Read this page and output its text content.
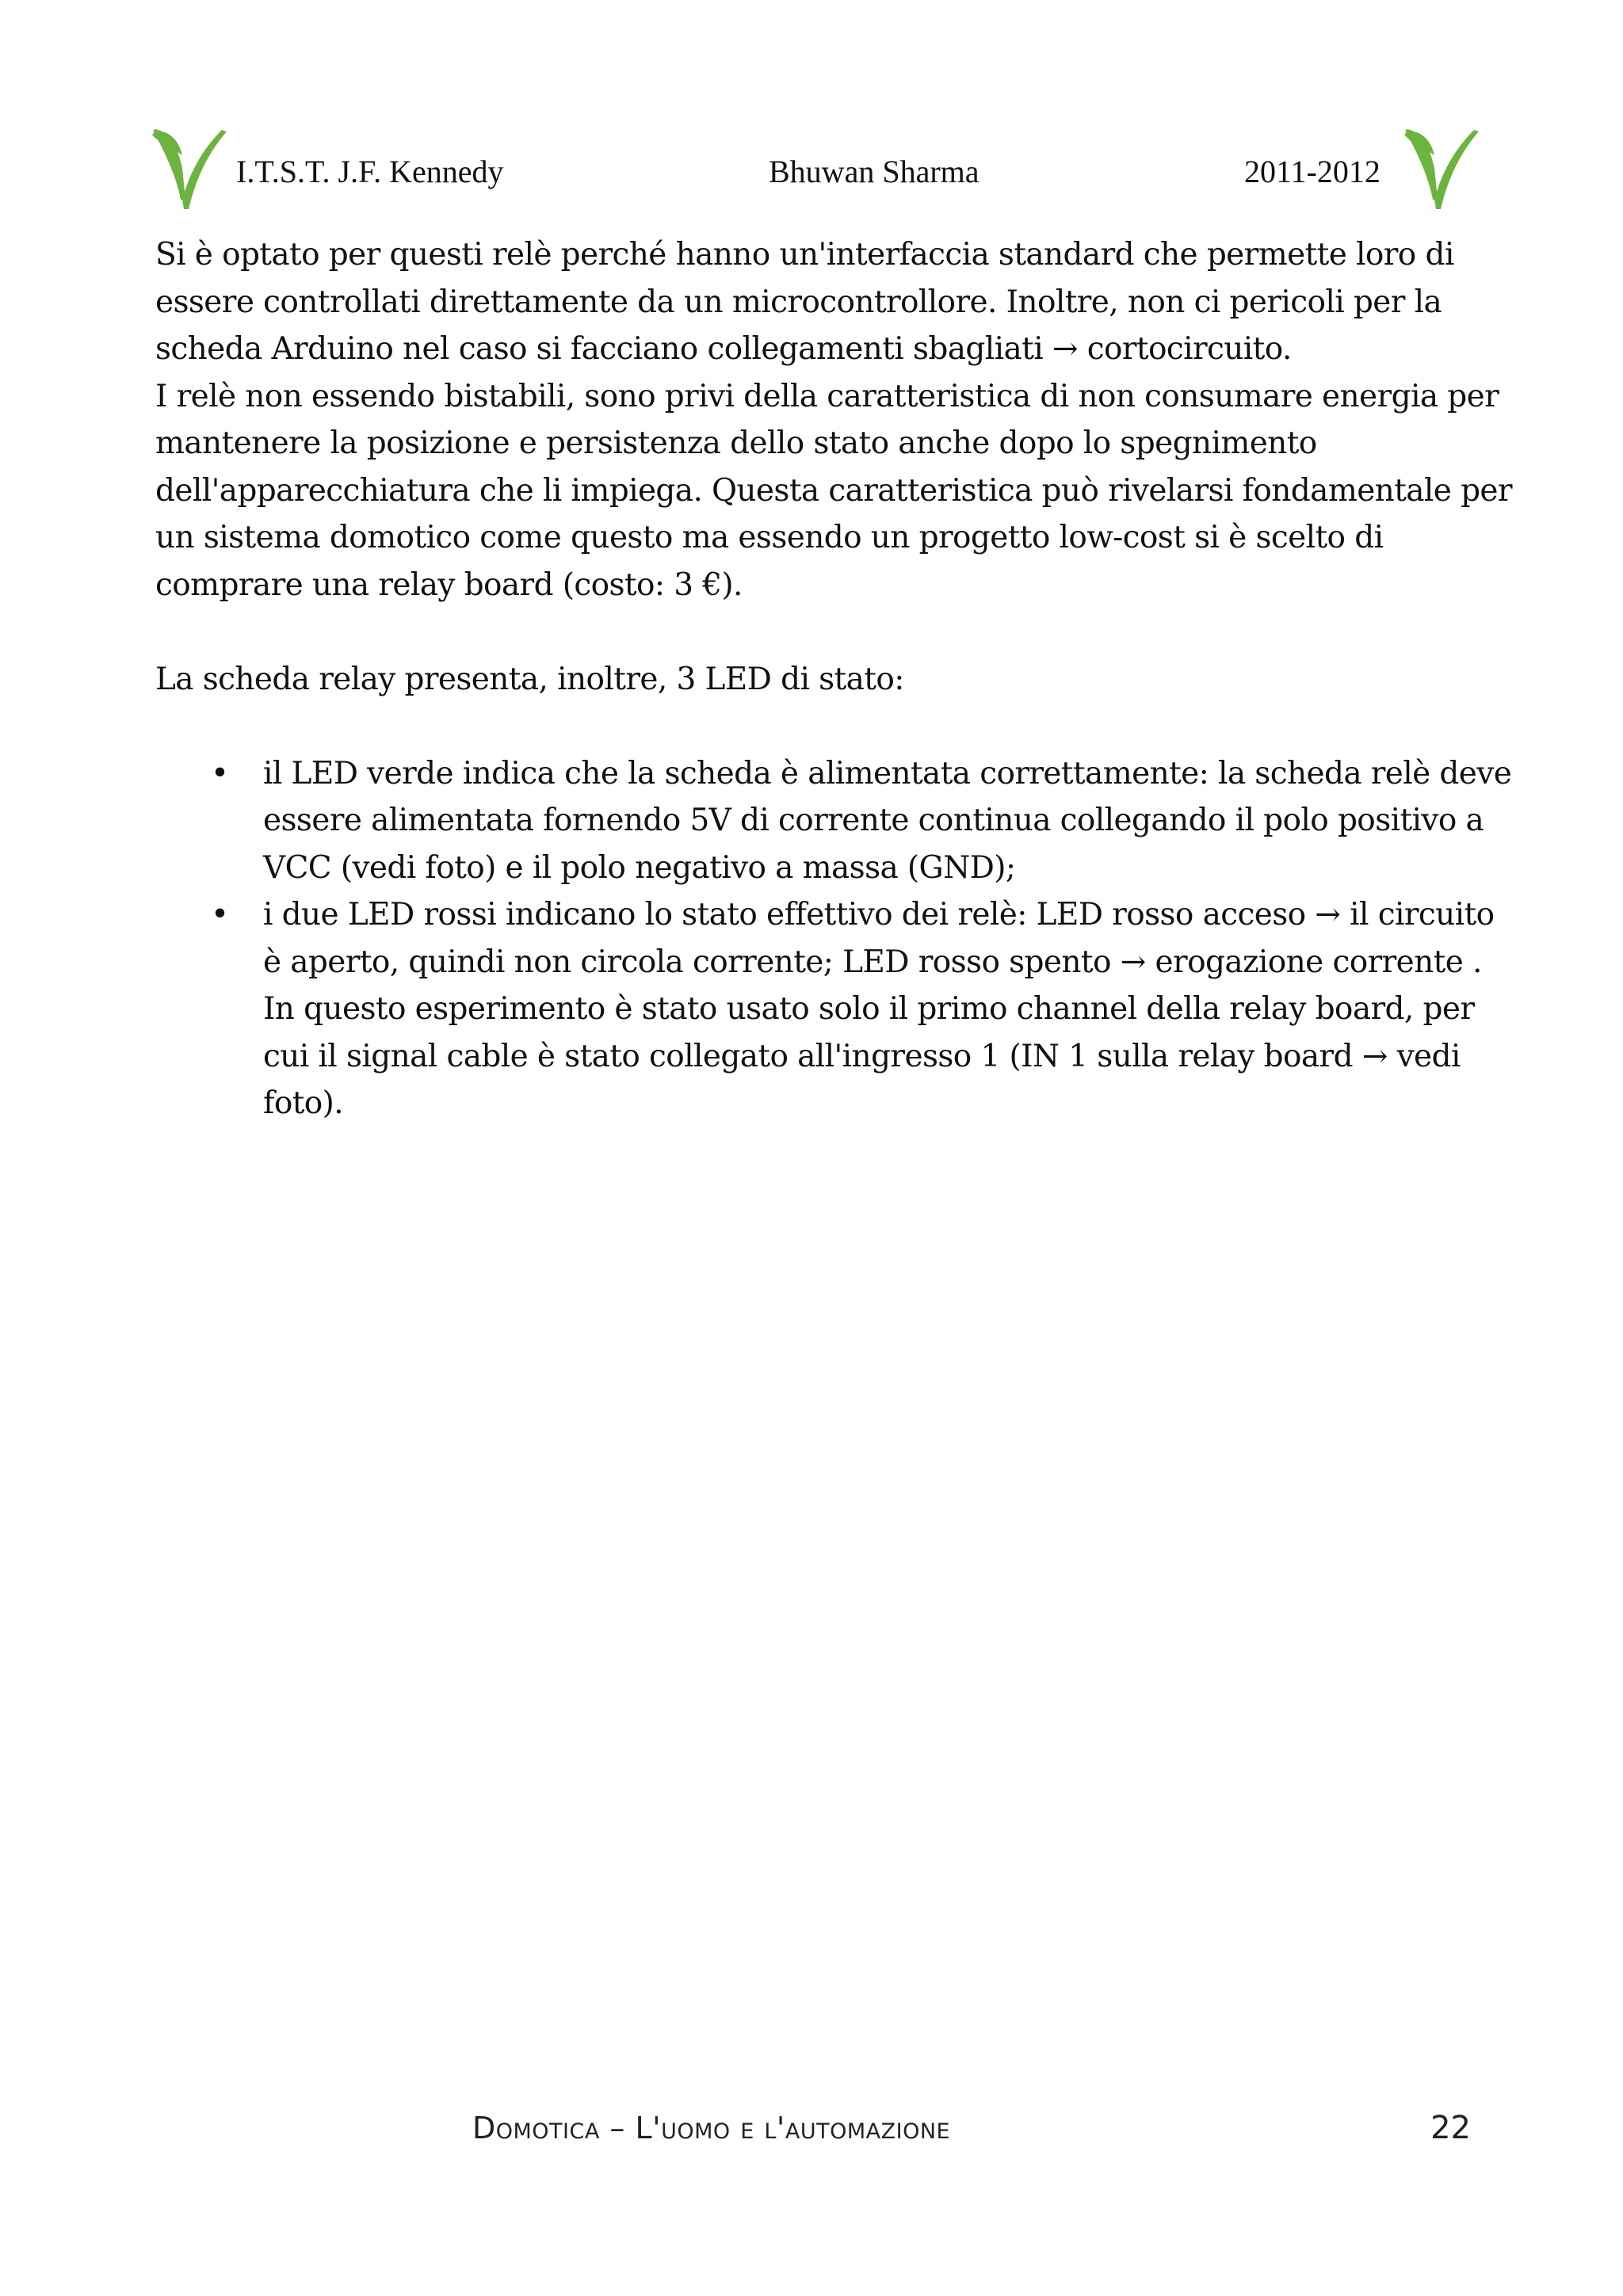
I.T.S.T. J.F. Kennedy	Bhuwan Sharma	2011-2012

Si è optato per questi relè perché hanno un'interfaccia standard che permette loro di

essere controllati direttamente da un microcontrollore. Inoltre, non ci pericoli per la

scheda Arduino nel caso si facciano collegamenti sbagliati → cortocircuito.

I relè non essendo bistabili, sono privi della caratteristica di non consumare energia per

mantenere la posizione e persistenza dello stato anche dopo lo spegnimento

dell'apparecchiatura che li impiega. Questa caratteristica può rivelarsi fondamentale per

un sistema domotico come questo ma essendo un progetto low-cost si è scelto di

comprare una relay board (costo: 3 €).

La scheda relay presenta, inoltre, 3 LED di stato:

• il LED verde indica che la scheda è alimentata correttamente: la scheda relè deve

essere alimentata fornendo 5V di corrente continua collegando il polo positivo a

VCC (vedi foto) e il polo negativo a massa (GND);

• i due LED rossi indicano lo stato effettivo dei relè: LED rosso acceso → il circuito

è aperto, quindi non circola corrente; LED rosso spento → erogazione corrente .

In questo esperimento è stato usato solo il primo channel della relay board, per

cui il signal cable è stato collegato all'ingresso 1 (IN 1 sulla relay board → vedi

foto).

Domotica – L'uomo e l'automazione	22
